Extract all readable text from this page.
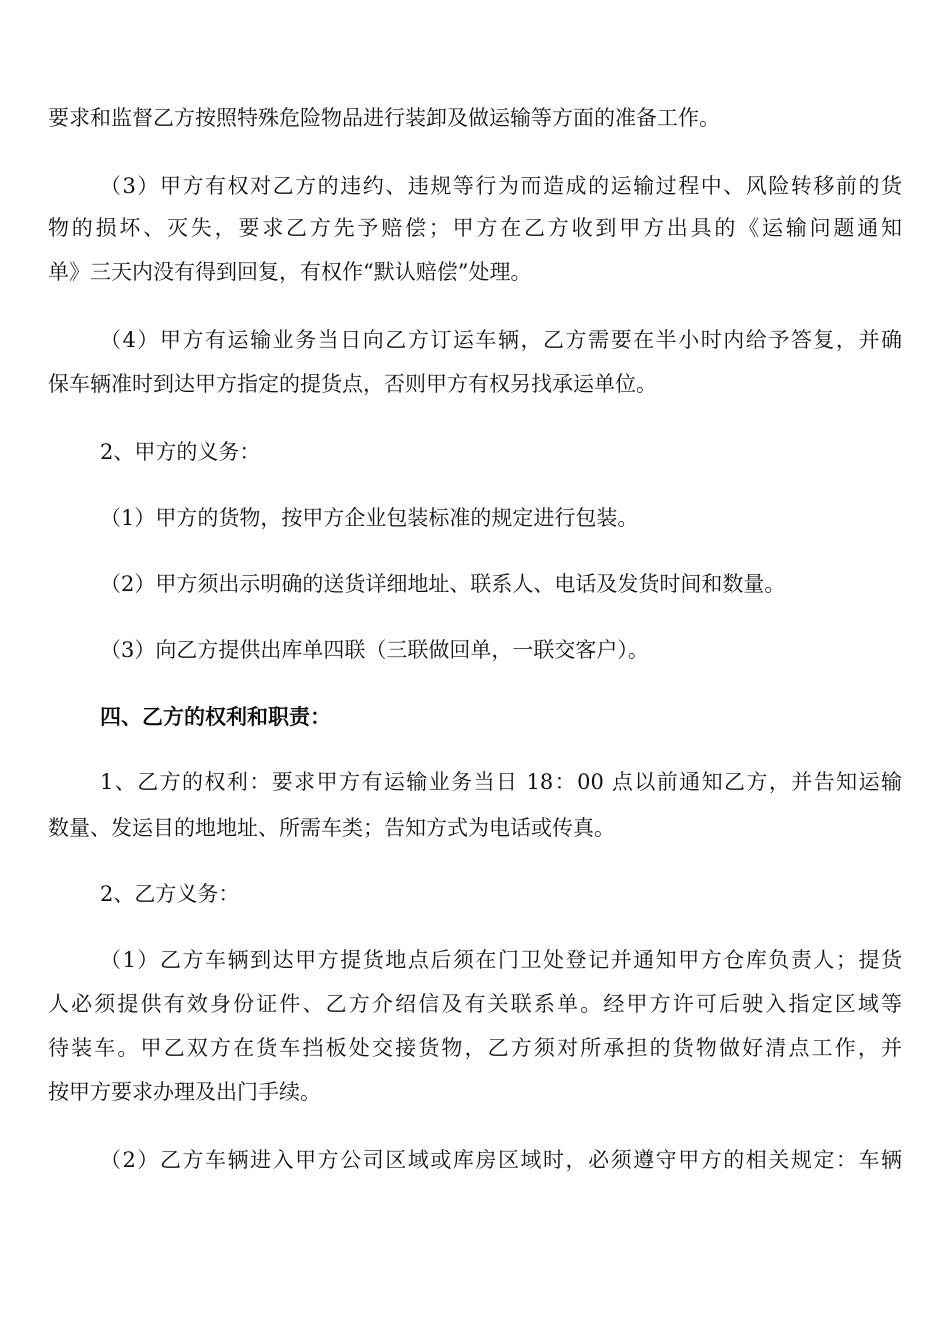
要求和监督乙方按照特殊危险物品进行装卸及做运输等方面的准备工作。
（3）甲方有权对乙方的违约、违规等行为而造成的运输过程中、风险转移前的货
物的损坏、灭失，要求乙方先予赔偿；甲方在乙方收到甲方出具的《运输问题通知
单》三天内没有得到回复，有权作“默认赔偿”处理。
（4）甲方有运输业务当日向乙方订运车辆，乙方需要在半小时内给予答复，并确
保车辆准时到达甲方指定的提货点，否则甲方有权另找承运单位。
2、甲方的义务：
（1）甲方的货物，按甲方企业包装标准的规定进行包装。
（2）甲方须出示明确的送货详细地址、联系人、电话及发货时间和数量。
（3）向乙方提供出库单四联（三联做回单，一联交客户）。
四、乙方的权利和职责：
1、乙方的权利：要求甲方有运输业务当日 18：00 点以前通知乙方，并告知运输
数量、发运目的地地址、所需车类；告知方式为电话或传真。
2、乙方义务：
（1）乙方车辆到达甲方提货地点后须在门卫处登记并通知甲方仓库负责人；提货
人必须提供有效身份证件、乙方介绍信及有关联系单。经甲方许可后驶入指定区域等
待装车。甲乙双方在货车挡板处交接货物，乙方须对所承担的货物做好清点工作，并
按甲方要求办理及出门手续。
（2）乙方车辆进入甲方公司区域或库房区域时，必须遵守甲方的相关规定：车辆
